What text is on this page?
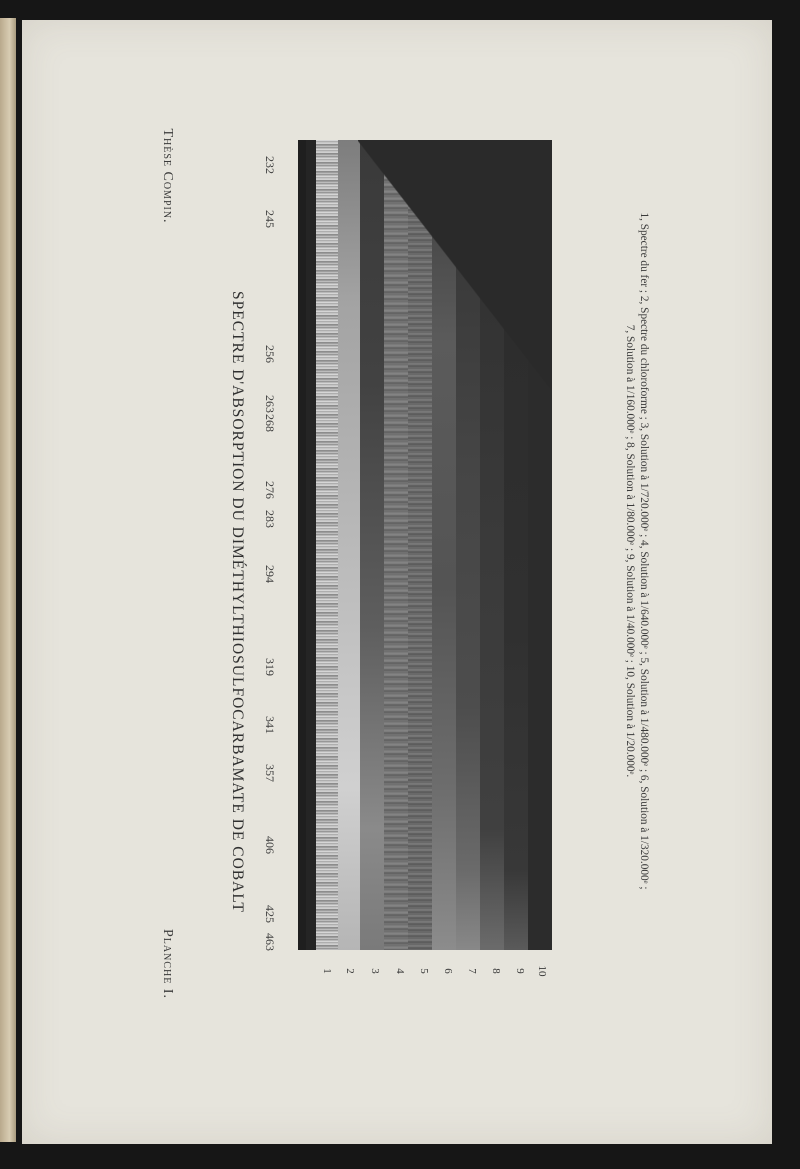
Thèse Compin.
Planche I.
SPECTRE D'ABSORPTION DU DIMÉTHYLTHIOSULFOCARBAMATE DE COBALT
232
245
256
263
268
276
283
294
319
341
357
406
425
463
1 2 3 4 5 6 7 8 9 10
1, Spectre du fer ; 2, Spectre du chloroforme ; 3, Solution à 1/720.000ᵉ ; 4, Solution à 1/640.000ᵉ ; 5, Solution à 1/480.000ᵉ ; 6, Solution à 1/320.000ᵉ ;
7, Solution à 1/160.000ᵉ ; 8, Solution à 1/80.000ᵉ ; 9, Solution à 1/40.000ᵉ ; 10, Solution à 1/20.000ᵉ.
